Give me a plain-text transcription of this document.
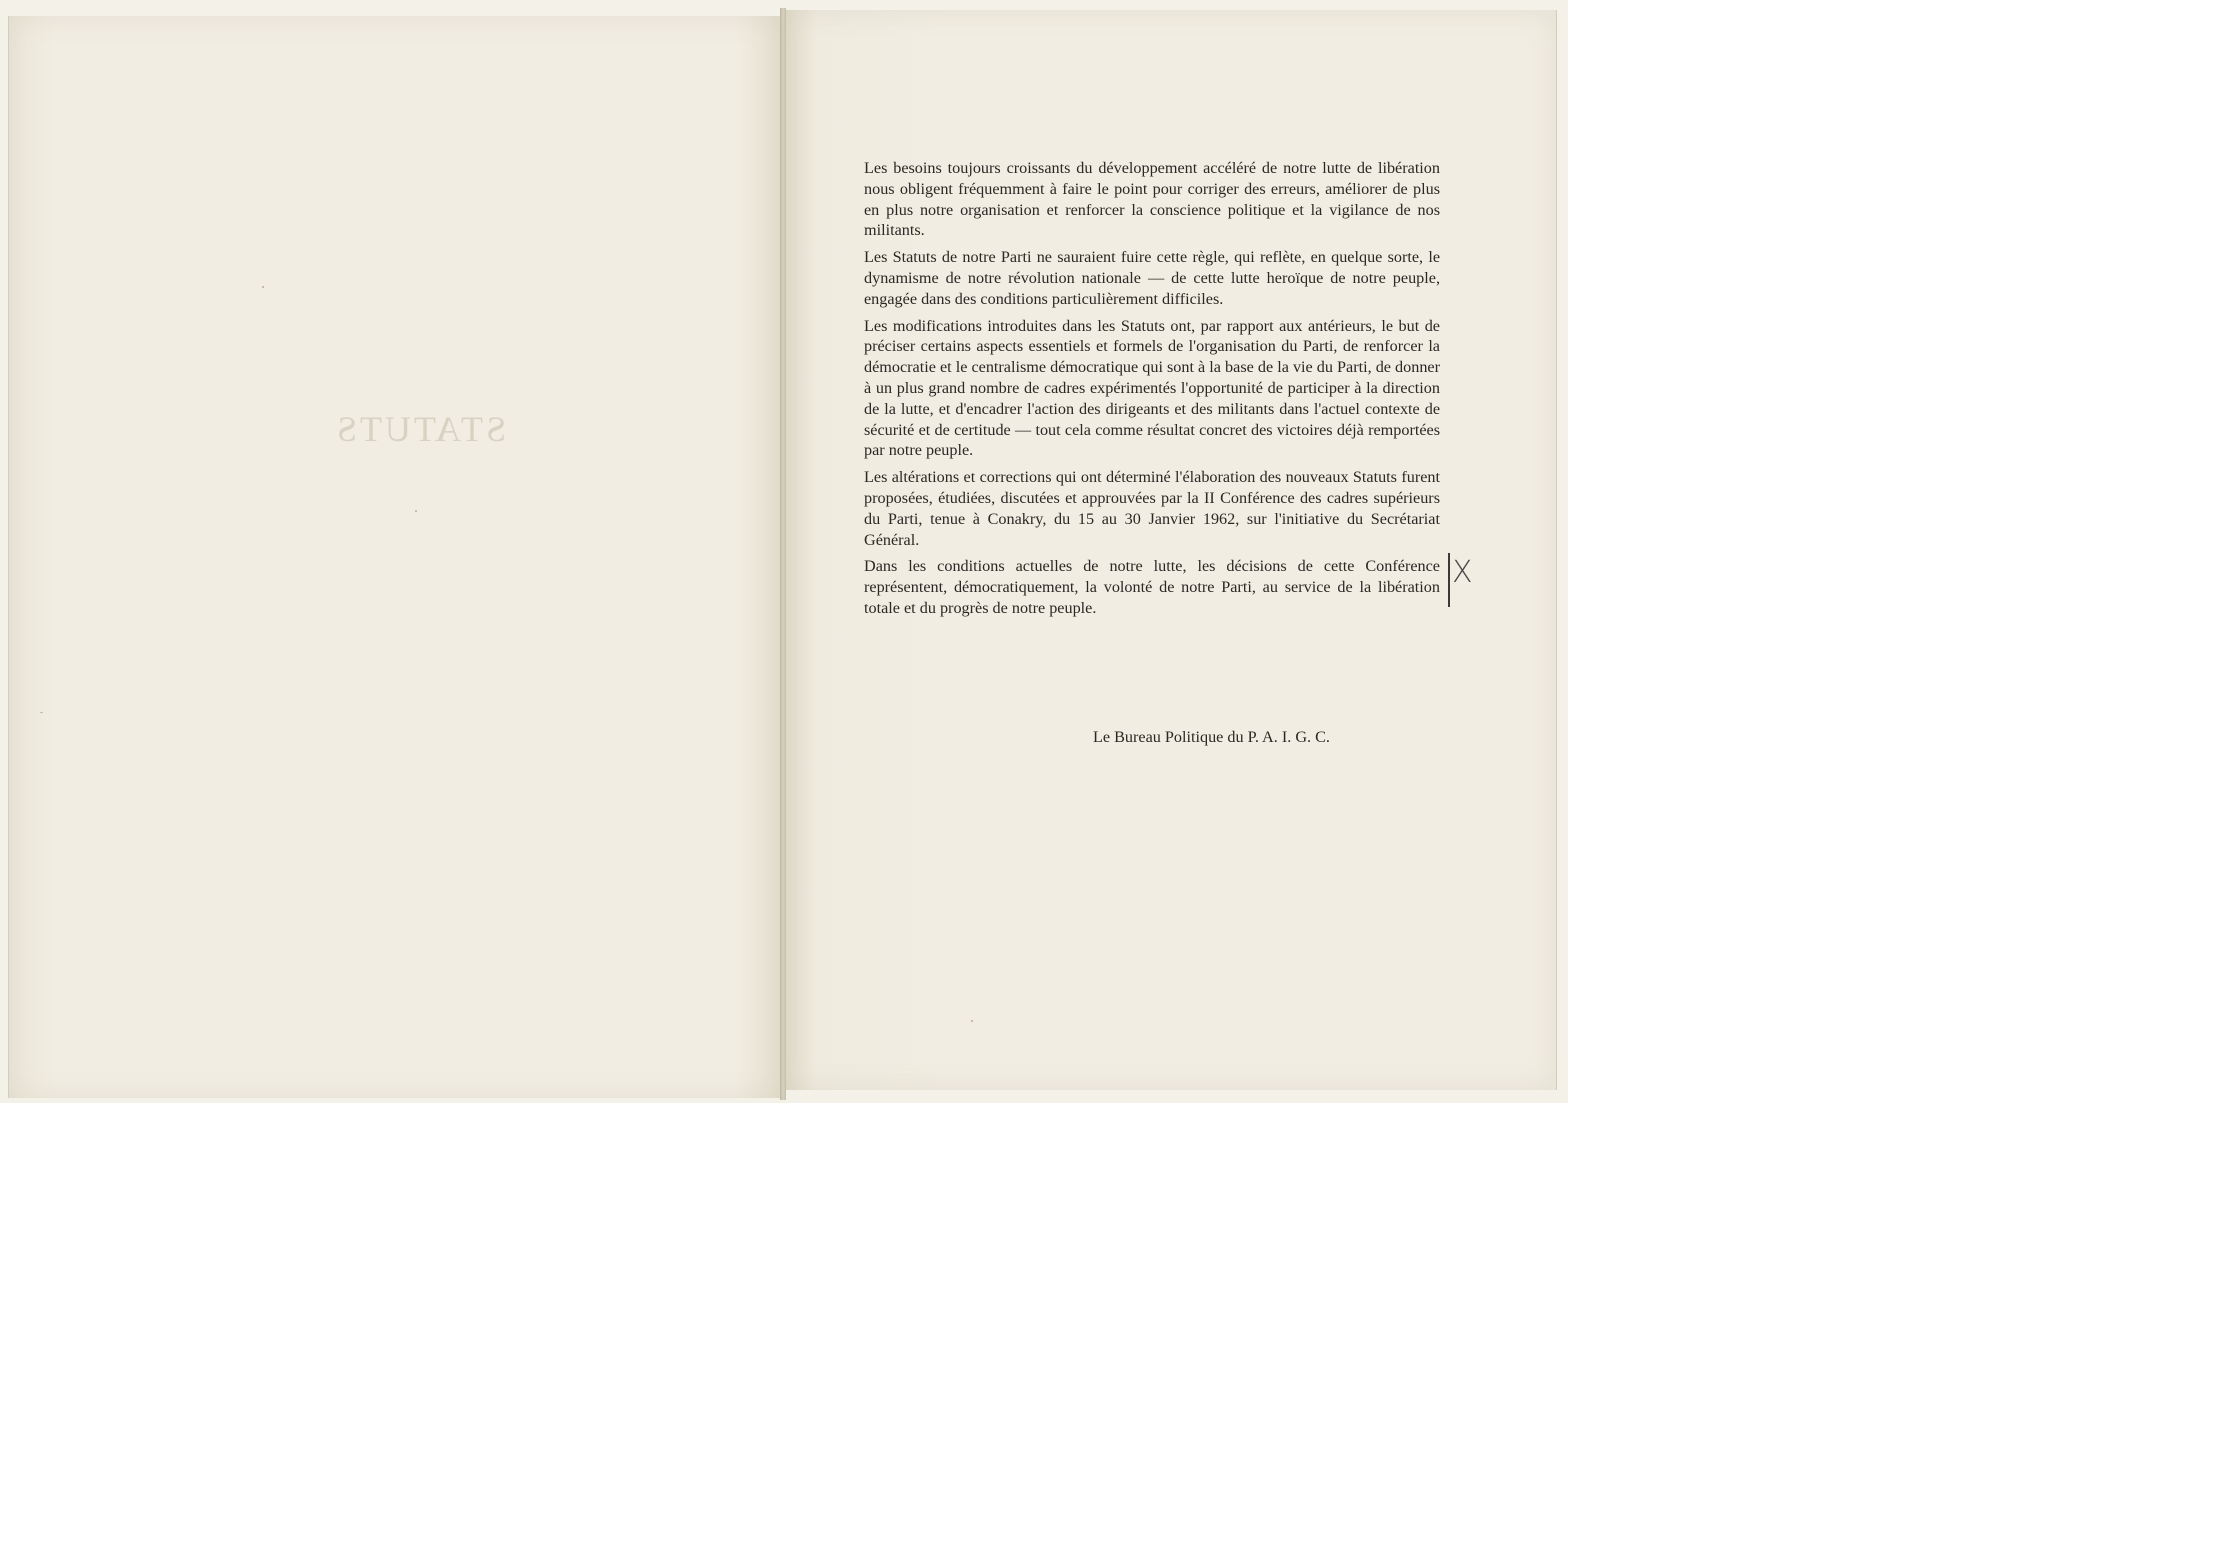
STATUTS

Les besoins toujours croissants du développement accéléré de notre lutte de libération nous obligent fréquemment à faire le point pour corriger des erreurs, améliorer de plus en plus notre organisation et renforcer la conscience politique et la vigilance de nos militants.

Les Statuts de notre Parti ne sauraient fuire cette règle, qui reflète, en quelque sorte, le dynamisme de notre révolution nationale — de cette lutte heroïque de notre peuple, engagée dans des conditions particulièrement difficiles.

Les modifications introduites dans les Statuts ont, par rapport aux antérieurs, le but de préciser certains aspects essentiels et formels de l'organisation du Parti, de renforcer la démocratie et le centralisme démocratique qui sont à la base de la vie du Parti, de donner à un plus grand nombre de cadres expérimentés l'opportunité de participer à la direction de la lutte, et d'encadrer l'action des dirigeants et des militants dans l'actuel contexte de sécurité et de certitude — tout cela comme résultat concret des victoires déjà remportées par notre peuple.

Les altérations et corrections qui ont déterminé l'élaboration des nouveaux Statuts furent proposées, étudiées, discutées et approuvées par la II Conférence des cadres supérieurs du Parti, tenue à Conakry, du 15 au 30 Janvier 1962, sur l'initiative du Secrétariat Général.

Dans les conditions actuelles de notre lutte, les décisions de cette Conférence représentent, démocratiquement, la volonté de notre Parti, au service de la libération totale et du progrès de notre peuple.

Le Bureau Politique du P. A. I. G. C.
X
